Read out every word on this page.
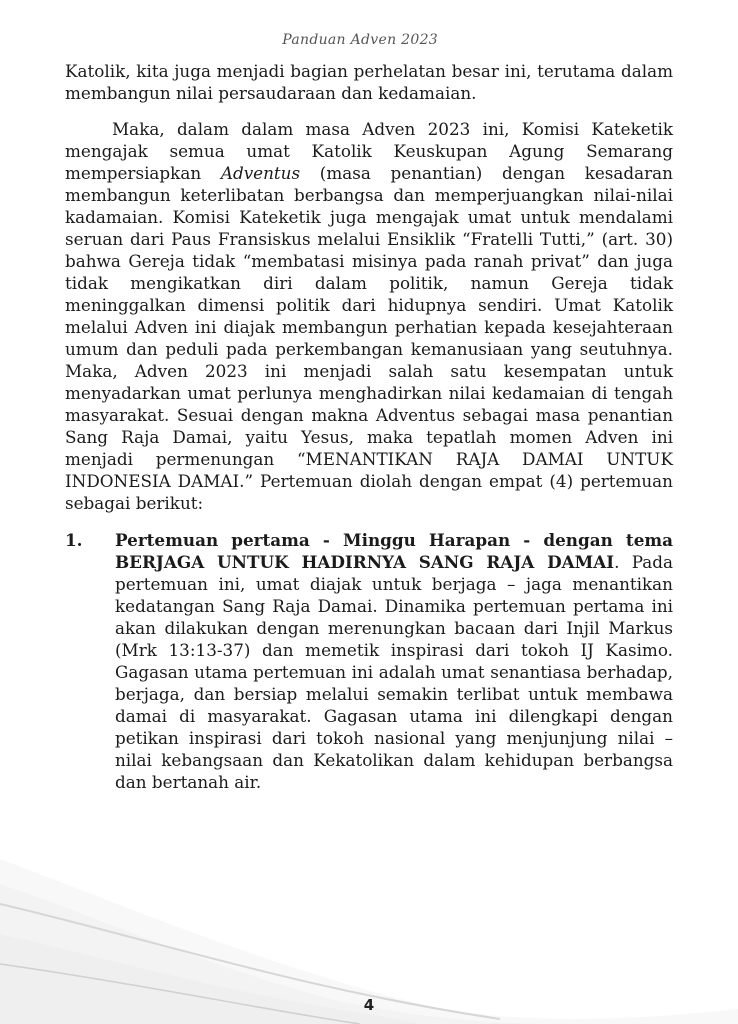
Panduan Adven 2023

Katolik, kita juga menjadi bagian perhelatan besar ini, terutama dalam membangun nilai persaudaraan dan kedamaian.

Maka, dalam dalam masa Adven 2023 ini, Komisi Kateketik mengajak semua umat Katolik Keuskupan Agung Semarang mempersiapkan Adventus (masa penantian) dengan kesadaran membangun keterlibatan berbangsa dan memperjuangkan nilai-nilai kadamaian. Komisi Kateketik juga mengajak umat untuk mendalami seruan dari Paus Fransiskus melalui Ensiklik “Fratelli Tutti,” (art. 30) bahwa Gereja tidak “membatasi misinya pada ranah privat” dan juga tidak mengikatkan diri dalam politik, namun Gereja tidak meninggalkan dimensi politik dari hidupnya sendiri. Umat Katolik melalui Adven ini diajak membangun perhatian kepada kesejahteraan umum dan peduli pada perkembangan kemanusiaan yang seutuhnya. Maka, Adven 2023 ini menjadi salah satu kesempatan untuk menyadarkan umat perlunya menghadirkan nilai kedamaian di tengah masyarakat. Sesuai dengan makna Adventus sebagai masa penantian Sang Raja Damai, yaitu Yesus, maka tepatlah momen Adven ini menjadi permenungan “MENANTIKAN RAJA DAMAI UNTUK INDONESIA DAMAI.” Pertemuan diolah dengan empat (4) pertemuan sebagai berikut:

1.	Pertemuan pertama - Minggu Harapan - dengan tema BERJAGA UNTUK HADIRNYA SANG RAJA DAMAI. Pada pertemuan ini, umat diajak untuk berjaga – jaga menantikan kedatangan Sang Raja Damai. Dinamika pertemuan pertama ini akan dilakukan dengan merenungkan bacaan dari Injil Markus (Mrk 13:13-37) dan memetik inspirasi dari tokoh IJ Kasimo. Gagasan utama pertemuan ini adalah umat senantiasa berhadap, berjaga, dan bersiap melalui semakin terlibat untuk membawa damai di masyarakat. Gagasan utama ini dilengkapi dengan petikan inspirasi dari tokoh nasional yang menjunjung nilai – nilai kebangsaan dan Kekatolikan dalam kehidupan berbangsa dan bertanah air.
4
